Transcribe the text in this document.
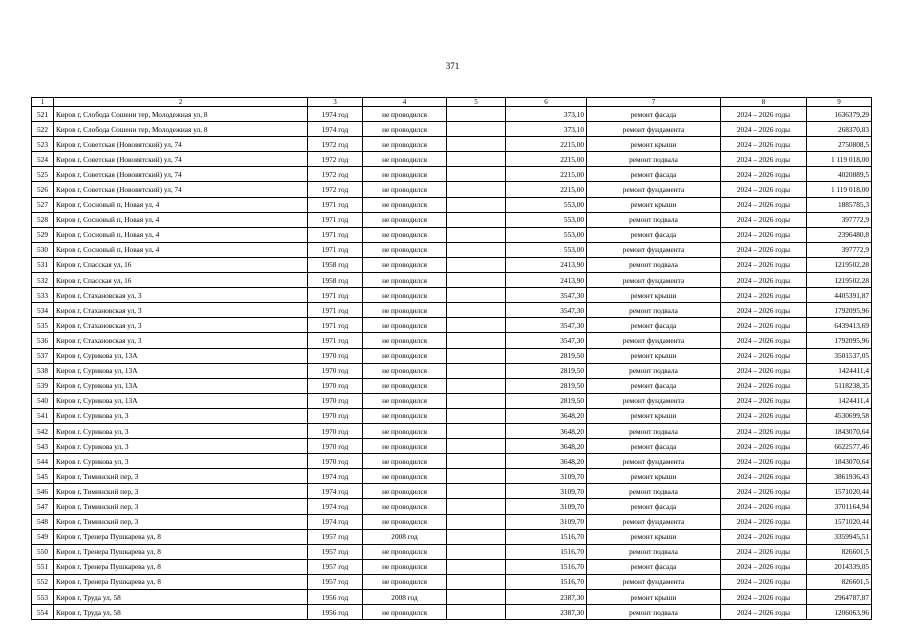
371
1	2	3	4	5	6	7	8	9
521	Киров г, Слобода Сошени тер, Молодежная ул, 8	1974 год	не проводился		373,10	ремонт фасада	2024 – 2026 годы	1636379,29
522	Киров г, Слобода Сошени тер, Молодежная ул, 8	1974 год	не проводился		373,10	ремонт фундамента	2024 – 2026 годы	268370,83
523	Киров г, Советская (Нововятский) ул, 74	1972 год	не проводился		2215,00	ремонт крыши	2024 – 2026 годы	2750808,5
524	Киров г, Советская (Нововятский) ул, 74	1972 год	не проводился		2215,00	ремонт подвала	2024 – 2026 годы	1 119 018,00
525	Киров г, Советская (Нововятский) ул, 74	1972 год	не проводился		2215,00	ремонт фасада	2024 – 2026 годы	4020889,5
526	Киров г, Советская (Нововятский) ул, 74	1972 год	не проводился		2215,00	ремонт фундамента	2024 – 2026 годы	1 119 018,00
527	Киров г, Сосновый п, Новая ул, 4	1971 год	не проводился		553,00	ремонт крыши	2024 – 2026 годы	1885785,3
528	Киров г, Сосновый п, Новая ул, 4	1971 год	не проводился		553,00	ремонт подвала	2024 – 2026 годы	397772,9
529	Киров г, Сосновый п, Новая ул, 4	1971 год	не проводился		553,00	ремонт фасада	2024 – 2026 годы	2396480,8
530	Киров г, Сосновый п, Новая ул, 4	1971 год	не проводился		553,00	ремонт фундамента	2024 – 2026 годы	397772,9
531	Киров г, Спасская ул, 16	1958 год	не проводился		2413,90	ремонт подвала	2024 – 2026 годы	1219502,28
532	Киров г, Спасская ул, 16	1958 год	не проводился		2413,90	ремонт фундамента	2024 – 2026 годы	1219502,28
533	Киров г, Стахановская ул, 3	1971 год	не проводился		3547,30	ремонт крыши	2024 – 2026 годы	4405391,87
534	Киров г, Стахановская ул, 3	1971 год	не проводился		3547,30	ремонт подвала	2024 – 2026 годы	1792095,96
535	Киров г, Стахановская ул, 3	1971 год	не проводился		3547,30	ремонт фасада	2024 – 2026 годы	6439413,69
536	Киров г, Стахановская ул, 3	1971 год	не проводился		3547,30	ремонт фундамента	2024 – 2026 годы	1792095,96
537	Киров г, Сурикова ул, 13А	1970 год	не проводился		2819,50	ремонт крыши	2024 – 2026 годы	3501537,05
538	Киров г, Сурикова ул, 13А	1970 год	не проводился		2819,50	ремонт подвала	2024 – 2026 годы	1424411,4
539	Киров г, Сурикова ул, 13А	1970 год	не проводился		2819,50	ремонт фасада	2024 – 2026 годы	5118238,35
540	Киров г, Сурикова ул, 13А	1970 год	не проводился		2819,50	ремонт фундамента	2024 – 2026 годы	1424411,4
541	Киров г. Сурикова ул, 3	1970 год	не проводился		3648,20	ремонт крыши	2024 – 2026 годы	4530699,58
542	Киров г. Сурикова ул, 3	1970 год	не проводился		3648,20	ремонт подвала	2024 – 2026 годы	1843070,64
543	Киров г. Сурикова ул, 3	1970 год	не проводился		3648,20	ремонт фасада	2024 – 2026 годы	6622577,46
544	Киров г. Сурикова ул, 3	1970 год	не проводился		3648,20	ремонт фундамента	2024 – 2026 годы	1843070,64
545	Киров г, Тиминский пер, 3	1974 год	не проводился		3109,70	ремонт крыши	2024 – 2026 годы	3861936,43
546	Киров г, Тиминский пер, 3	1974 год	не проводился		3109,70	ремонт подвала	2024 – 2026 годы	1571020,44
547	Киров г, Тиминский пер, 3	1974 год	не проводился		3109,70	ремонт фасада	2024 – 2026 годы	3701164,94
548	Киров г, Тиминский пер, 3	1974 год	не проводился		3109,70	ремонт фундамента	2024 – 2026 годы	1571020,44
549	Киров г, Тренера Пушкарева ул, 8	1957 год	2008 год		1516,70	ремонт крыши	2024 – 2026 годы	3359945,51
550	Киров г, Тренера Пушкарева ул, 8	1957 год	не проводился		1516,70	ремонт подвала	2024 – 2026 годы	826601,5
551	Киров г, Тренера Пушкарева ул, 8	1957 год	не проводился		1516,70	ремонт фасада	2024 – 2026 годы	2014339,05
552	Киров г, Тренера Пушкарева ул, 8	1957 год	не проводился		1516,70	ремонт фундамента	2024 – 2026 годы	826601,5
553	Киров г, Труда ул, 58	1956 год	2008 год		2387,30	ремонт крыши	2024 – 2026 годы	2964787,87
554	Киров г, Труда ул, 58	1956 год	не проводился		2387,30	ремонт подвала	2024 – 2026 годы	1206063,96
